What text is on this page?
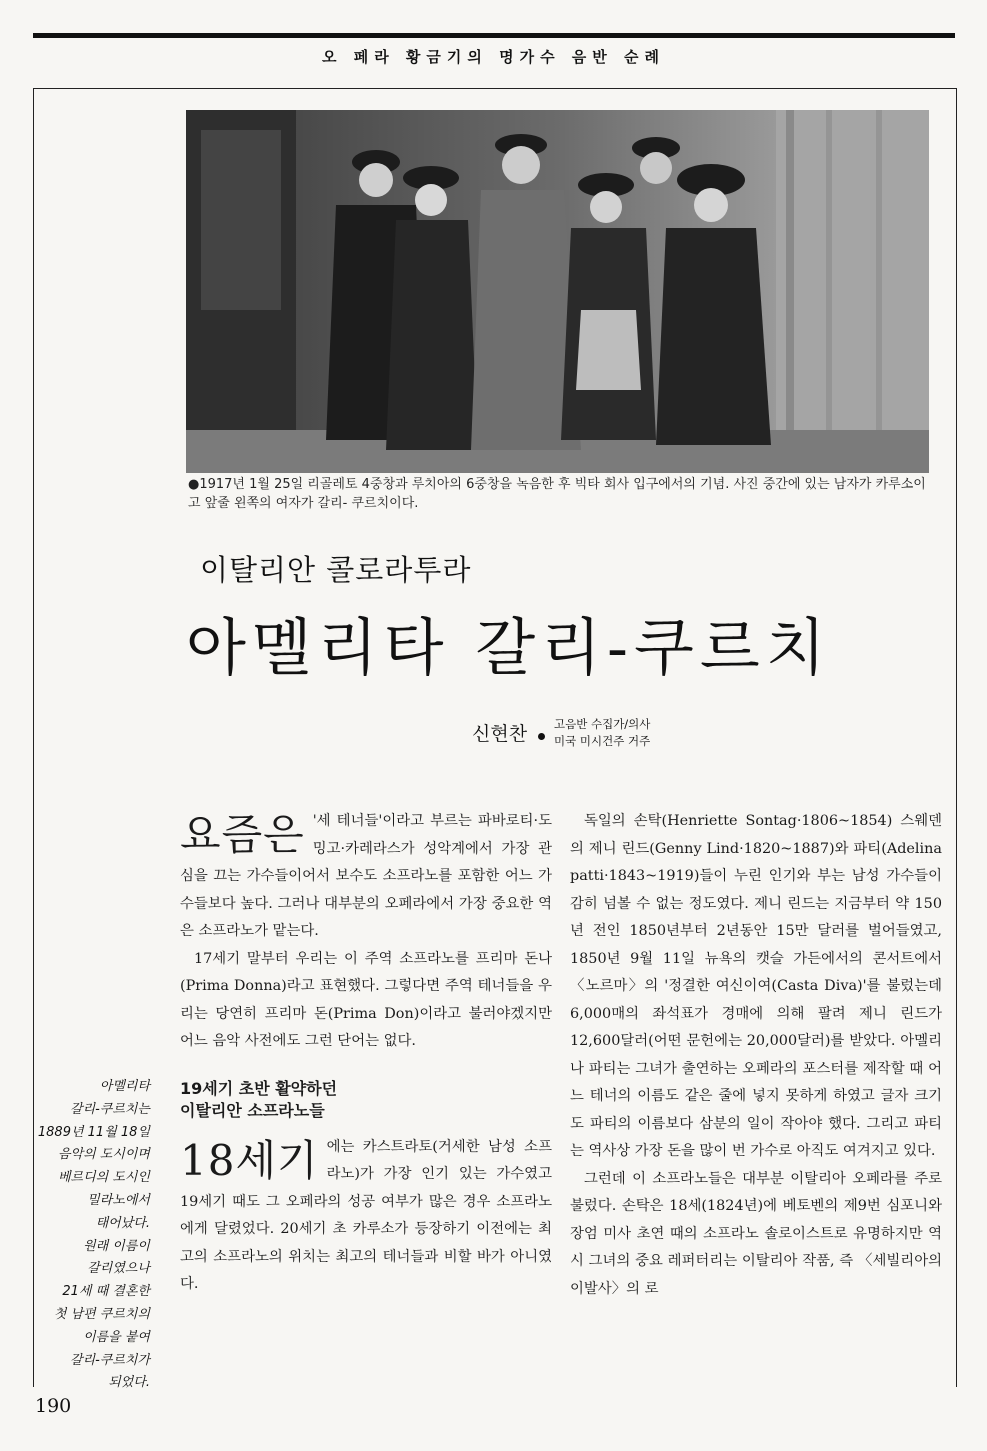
오 페라 황금기의 명가수 음반 순례
●1917년 1월 25일 리골레토 4중창과 루치아의 6중창을 녹음한 후 빅타 회사 입구에서의 기념. 사진 중간에 있는 남자가 카루소이고 앞줄 왼쪽의 여자가 갈리- 쿠르치이다.
이탈리안 콜로라투라
아멜리타 갈리-쿠르치
신현찬 고음반 수집가/의사
미국 미시건주 거주

요즘은 '세 테너들'이라고 부르는 파바로티·도밍고·카레라스가 성악계에서 가장 관심을 끄는 가수들이어서 보수도 소프라노를 포함한 어느 가수들보다 높다. 그러나 대부분의 오페라에서 가장 중요한 역은 소프라노가 맡는다.

17세기 말부터 우리는 이 주역 소프라노를 프리마 돈나(Prima Donna)라고 표현했다. 그렇다면 주역 테너들을 우리는 당연히 프리마 돈(Prima Don)이라고 불러야겠지만 어느 음악 사전에도 그런 단어는 없다.

19세기 초반 활약하던
이탈리안 소프라노들

18세기 에는 카스트라토(거세한 남성 소프라노)가 가장 인기 있는 가수였고 19세기 때도 그 오페라의 성공 여부가 많은 경우 소프라노에게 달렸었다. 20세기 초 카루소가 등장하기 이전에는 최고의 소프라노의 위치는 최고의 테너들과 비할 바가 아니였다.

독일의 손탁(Henriette Sontag·1806~1854) 스웨덴의 제니 린드(Genny Lind·1820~1887)와 파티(Adelina patti·1843~1919)들이 누린 인기와 부는 남성 가수들이 감히 넘볼 수 없는 정도였다. 제니 린드는 지금부터 약 150년 전인 1850년부터 2년동안 15만 달러를 벌어들였고, 1850년 9월 11일 뉴욕의 캣슬 가든에서의 콘서트에서 〈노르마〉의 '정결한 여신이여(Casta Diva)'를 불렀는데 6,000매의 좌석표가 경매에 의해 팔려 제니 린드가 12,600달러(어떤 문헌에는 20,000달러)를 받았다. 아멜리나 파티는 그녀가 출연하는 오페라의 포스터를 제작할 때 어느 테너의 이름도 같은 줄에 넣지 못하게 하였고 글자 크기도 파티의 이름보다 삼분의 일이 작아야 했다. 그리고 파티는 역사상 가장 돈을 많이 번 가수로 아직도 여겨지고 있다.

그런데 이 소프라노들은 대부분 이탈리아 오페라를 주로 불렀다. 손탁은 18세(1824년)에 베토벤의 제9번 심포니와 장엄 미사 초연 때의 소프라노 솔로이스트로 유명하지만 역시 그녀의 중요 레퍼터리는 이탈리아 작품, 즉 〈세빌리아의 이발사〉의 로

아멜리타
갈리-쿠르치는
1889년 11월 18일
음악의 도시이며
베르디의 도시인
밀라노에서
태어났다.
원래 이름이
갈리였으나
21세 때 결혼한
첫 남편 쿠르치의
이름을 붙여
갈리-쿠르치가
되었다.
190
